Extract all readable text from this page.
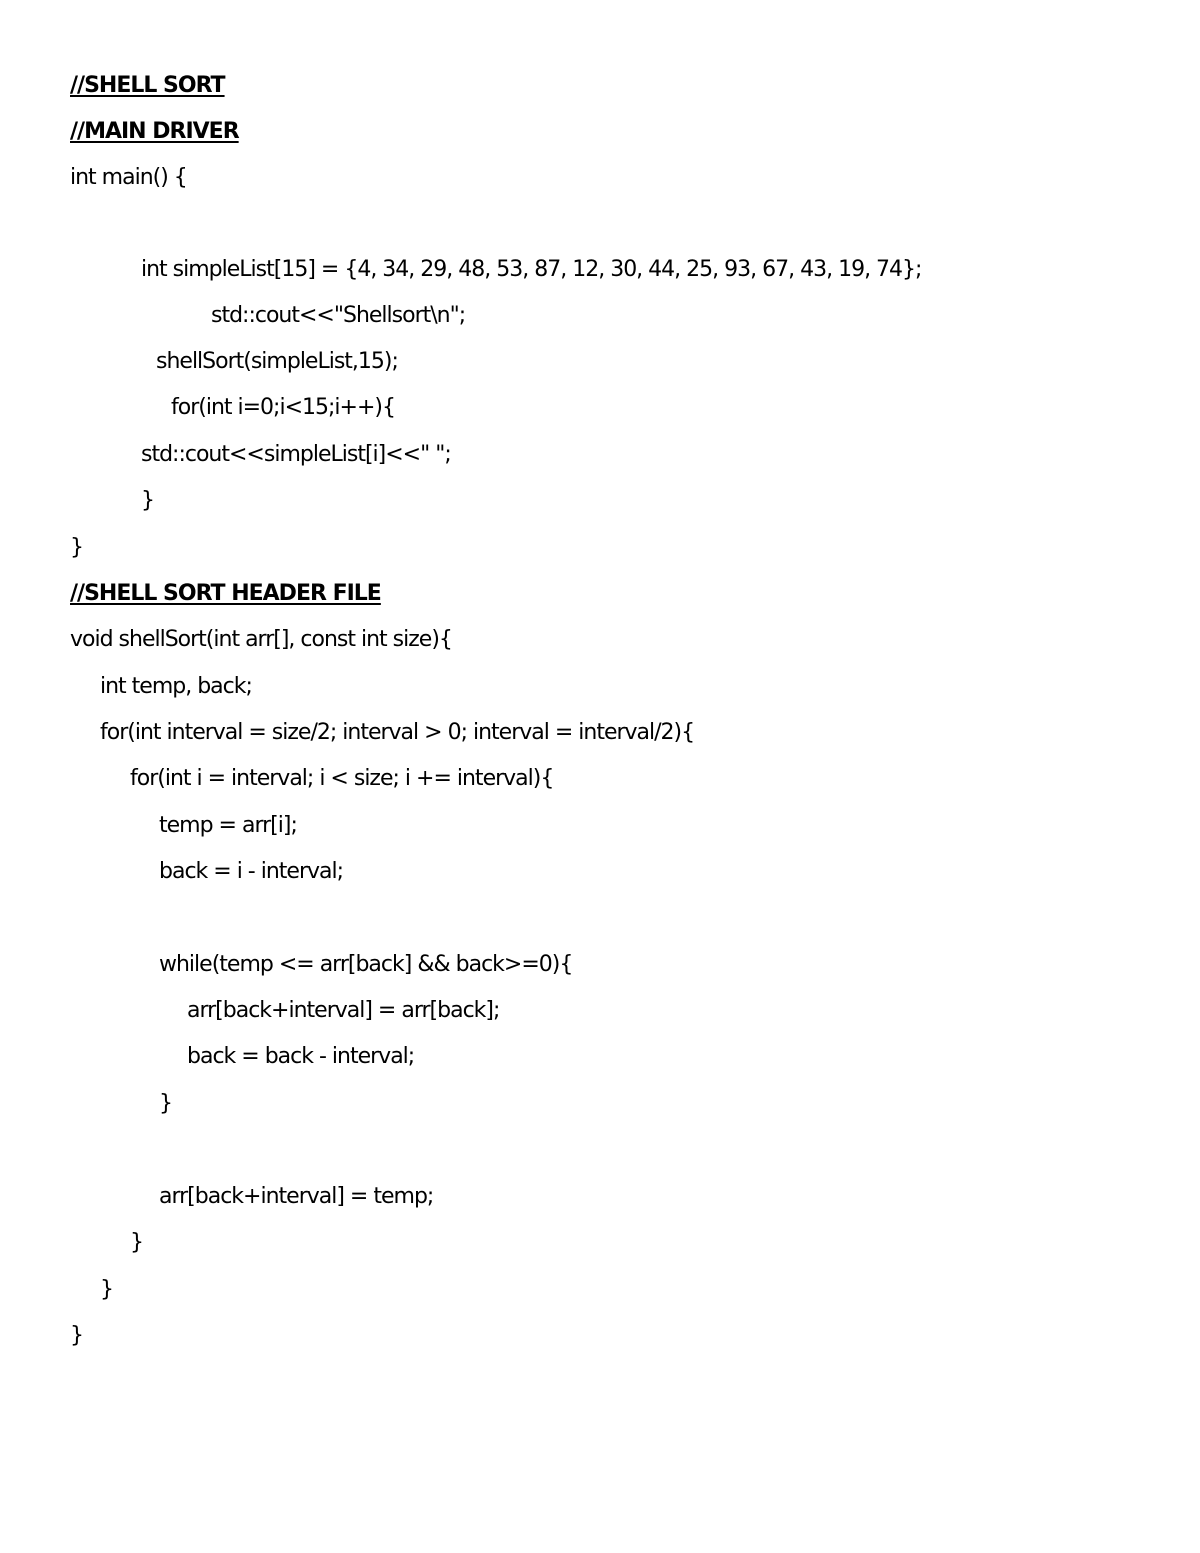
//SHELL SORT
//MAIN DRIVER
int main() {
int simpleList[15] = {4, 34, 29, 48, 53, 87, 12, 30, 44, 25, 93, 67, 43, 19, 74};
std::cout<<"Shellsort\n";
shellSort(simpleList,15);
for(int i=0;i<15;i++){
std::cout<<simpleList[i]<<" ";
}
}
//SHELL SORT HEADER FILE
void shellSort(int arr[], const int size){
int temp, back;
for(int interval = size/2; interval > 0; interval = interval/2){
for(int i = interval; i < size; i += interval){
temp = arr[i];
back = i - interval;
while(temp <= arr[back] && back>=0){
arr[back+interval] = arr[back];
back = back - interval;
}
arr[back+interval] = temp;
}
}
}
